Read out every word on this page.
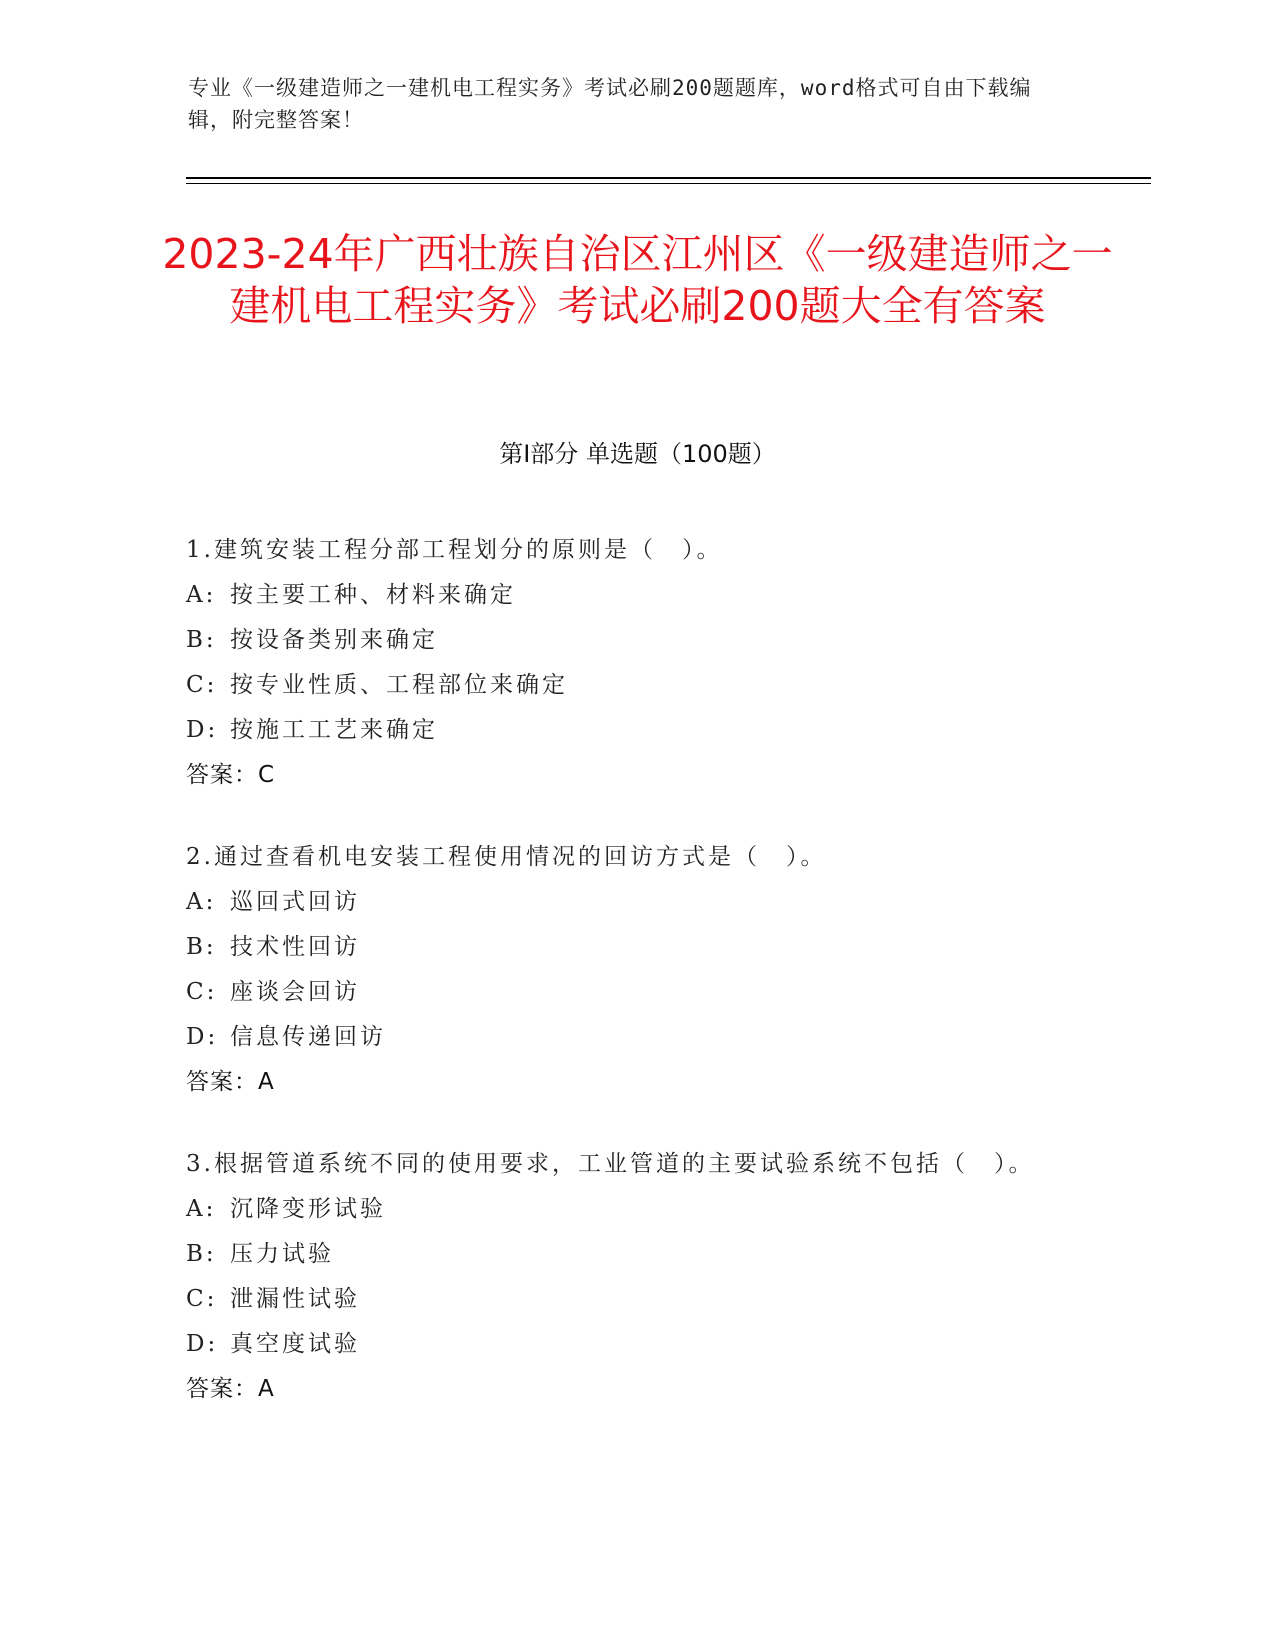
专业《一级建造师之一建机电工程实务》考试必刷200题题库，word格式可自由下载编辑，附完整答案！
2023-24年广西壮族自治区江州区《一级建造师之一建机电工程实务》考试必刷200题大全有答案
第Ⅰ部分 单选题（100题）
1.建筑安装工程分部工程划分的原则是（　）。
A: 按主要工种、材料来确定
B: 按设备类别来确定
C: 按专业性质、工程部位来确定
D: 按施工工艺来确定
答案：C
2.通过查看机电安装工程使用情况的回访方式是（　）。
A: 巡回式回访
B: 技术性回访
C: 座谈会回访
D: 信息传递回访
答案：A
3.根据管道系统不同的使用要求，工业管道的主要试验系统不包括（　）。
A: 沉降变形试验
B: 压力试验
C: 泄漏性试验
D: 真空度试验
答案：A
